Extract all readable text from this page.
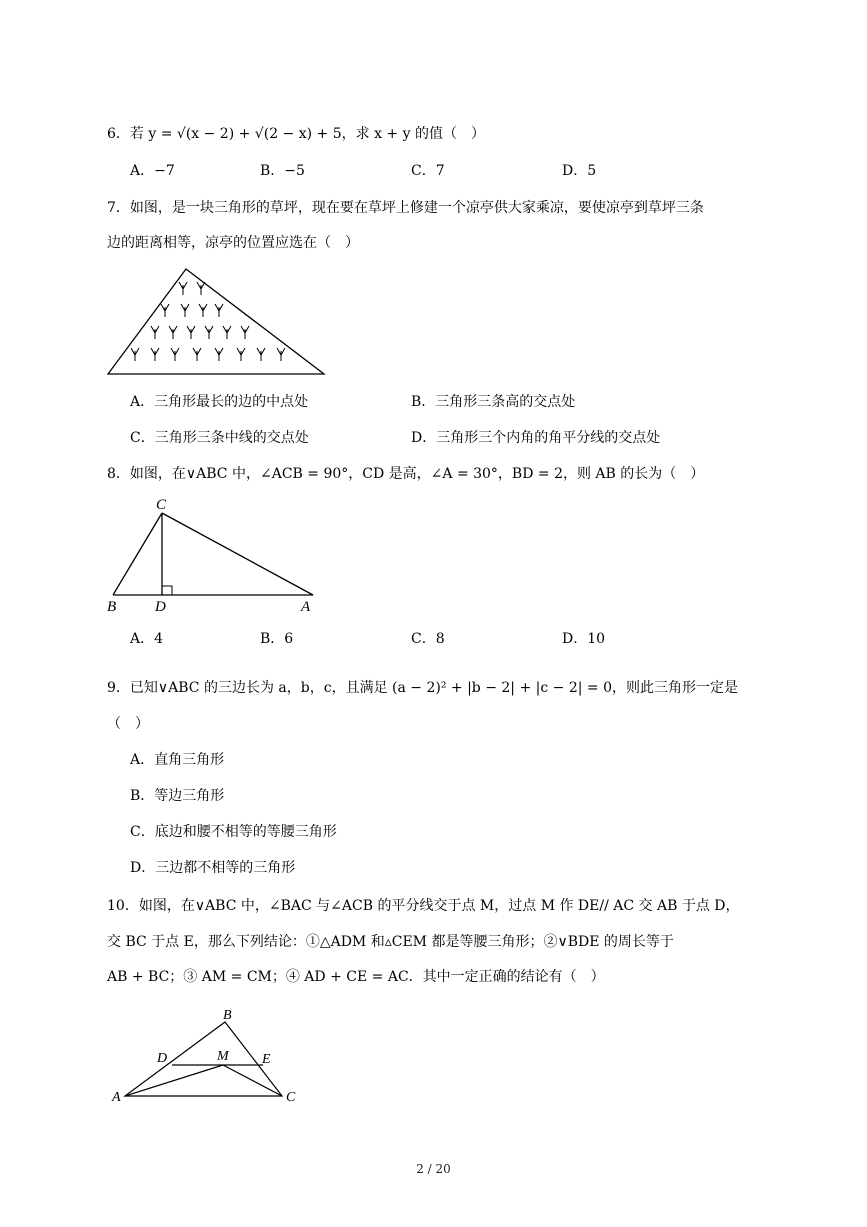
6．若 y = √(x − 2) + √(2 − x) + 5，求 x + y 的值（　）
A．−7	B．−5	C．7	D．5
7．如图，是一块三角形的草坪，现在要在草坪上修建一个凉亭供大家乘凉，要使凉亭到草坪三条
边的距离相等，凉亭的位置应选在（　）
A．三角形最长的边的中点处	B．三角形三条高的交点处
C．三角形三条中线的交点处	D．三角形三个内角的角平分线的交点处
8．如图，在∨ABC 中，∠ACB = 90°，CD 是高，∠A = 30°，BD = 2，则 AB 的长为（　）
C
B	D	A
A．4	B．6	C．8	D．10
9．已知∨ABC 的三边长为 a，b，c，且满足 (a − 2)² + |b − 2| + |c − 2| = 0，则此三角形一定是
（　）
A．直角三角形
B．等边三角形
C．底边和腰不相等的等腰三角形
D．三边都不相等的三角形
10．如图，在∨ABC 中，∠BAC 与∠ACB 的平分线交于点 M，过点 M 作 DE// AC 交 AB 于点 D，
交 BC 于点 E，那么下列结论：①△ADM 和▵CEM 都是等腰三角形；②∨BDE 的周长等于
AB + BC；③ AM = CM；④ AD + CE = AC．其中一定正确的结论有（　）
B
D	M E
A	C
2 / 20
